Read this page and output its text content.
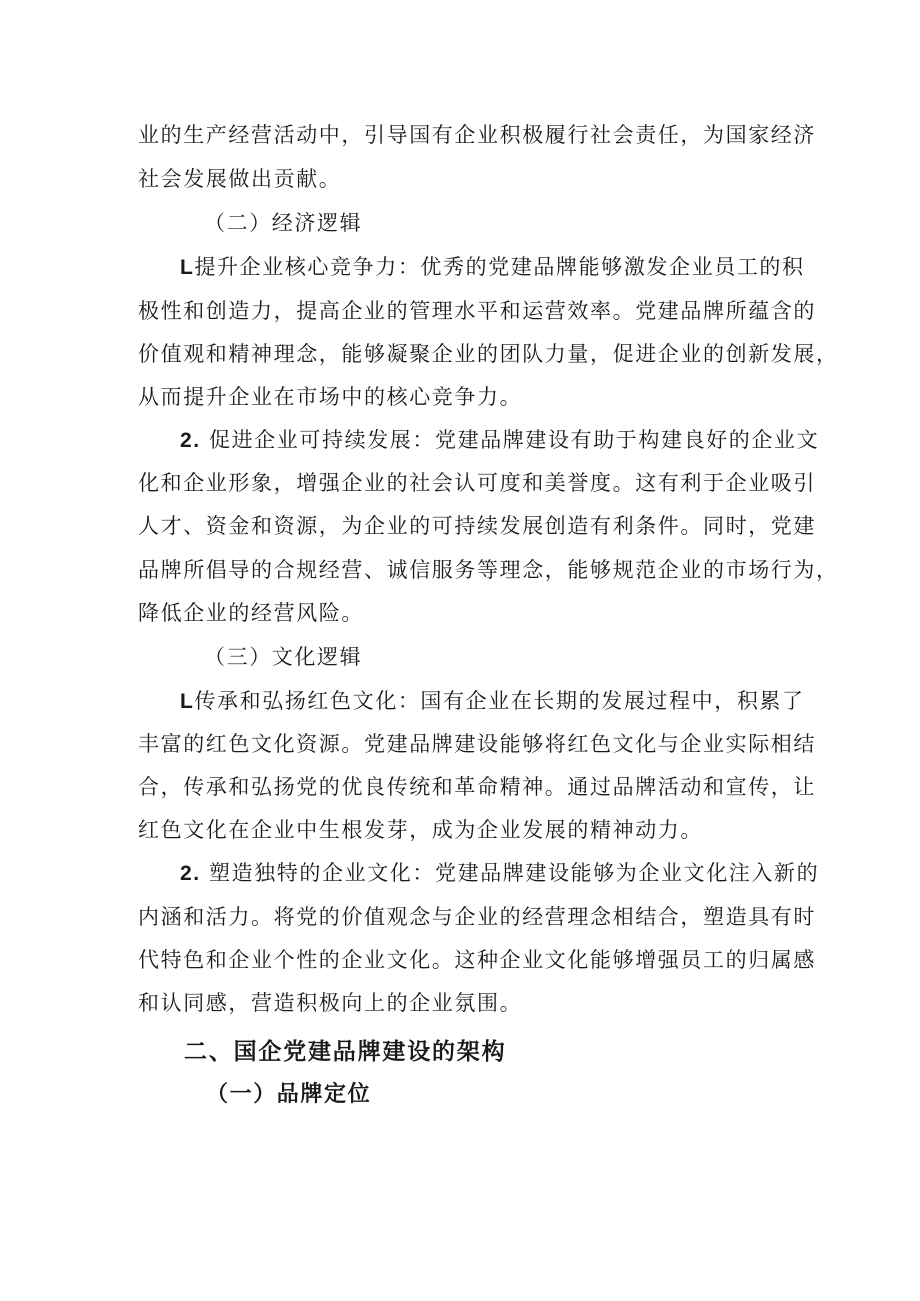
业的生产经营活动中，引导国有企业积极履行社会责任，为国家经济
社会发展做出贡献。
（二）经济逻辑
L提升企业核心竞争力：优秀的党建品牌能够激发企业员工的积
极性和创造力，提高企业的管理水平和运营效率。党建品牌所蕴含的
价值观和精神理念，能够凝聚企业的团队力量，促进企业的创新发展，
从而提升企业在市场中的核心竞争力。
2. 促进企业可持续发展：党建品牌建设有助于构建良好的企业文
化和企业形象，增强企业的社会认可度和美誉度。这有利于企业吸引
人才、资金和资源，为企业的可持续发展创造有利条件。同时，党建
品牌所倡导的合规经营、诚信服务等理念，能够规范企业的市场行为，
降低企业的经营风险。
（三）文化逻辑
L传承和弘扬红色文化：国有企业在长期的发展过程中，积累了
丰富的红色文化资源。党建品牌建设能够将红色文化与企业实际相结
合，传承和弘扬党的优良传统和革命精神。通过品牌活动和宣传，让
红色文化在企业中生根发芽，成为企业发展的精神动力。
2. 塑造独特的企业文化：党建品牌建设能够为企业文化注入新的
内涵和活力。将党的价值观念与企业的经营理念相结合，塑造具有时
代特色和企业个性的企业文化。这种企业文化能够增强员工的归属感
和认同感，营造积极向上的企业氛围。
二、国企党建品牌建设的架构
（一）品牌定位
